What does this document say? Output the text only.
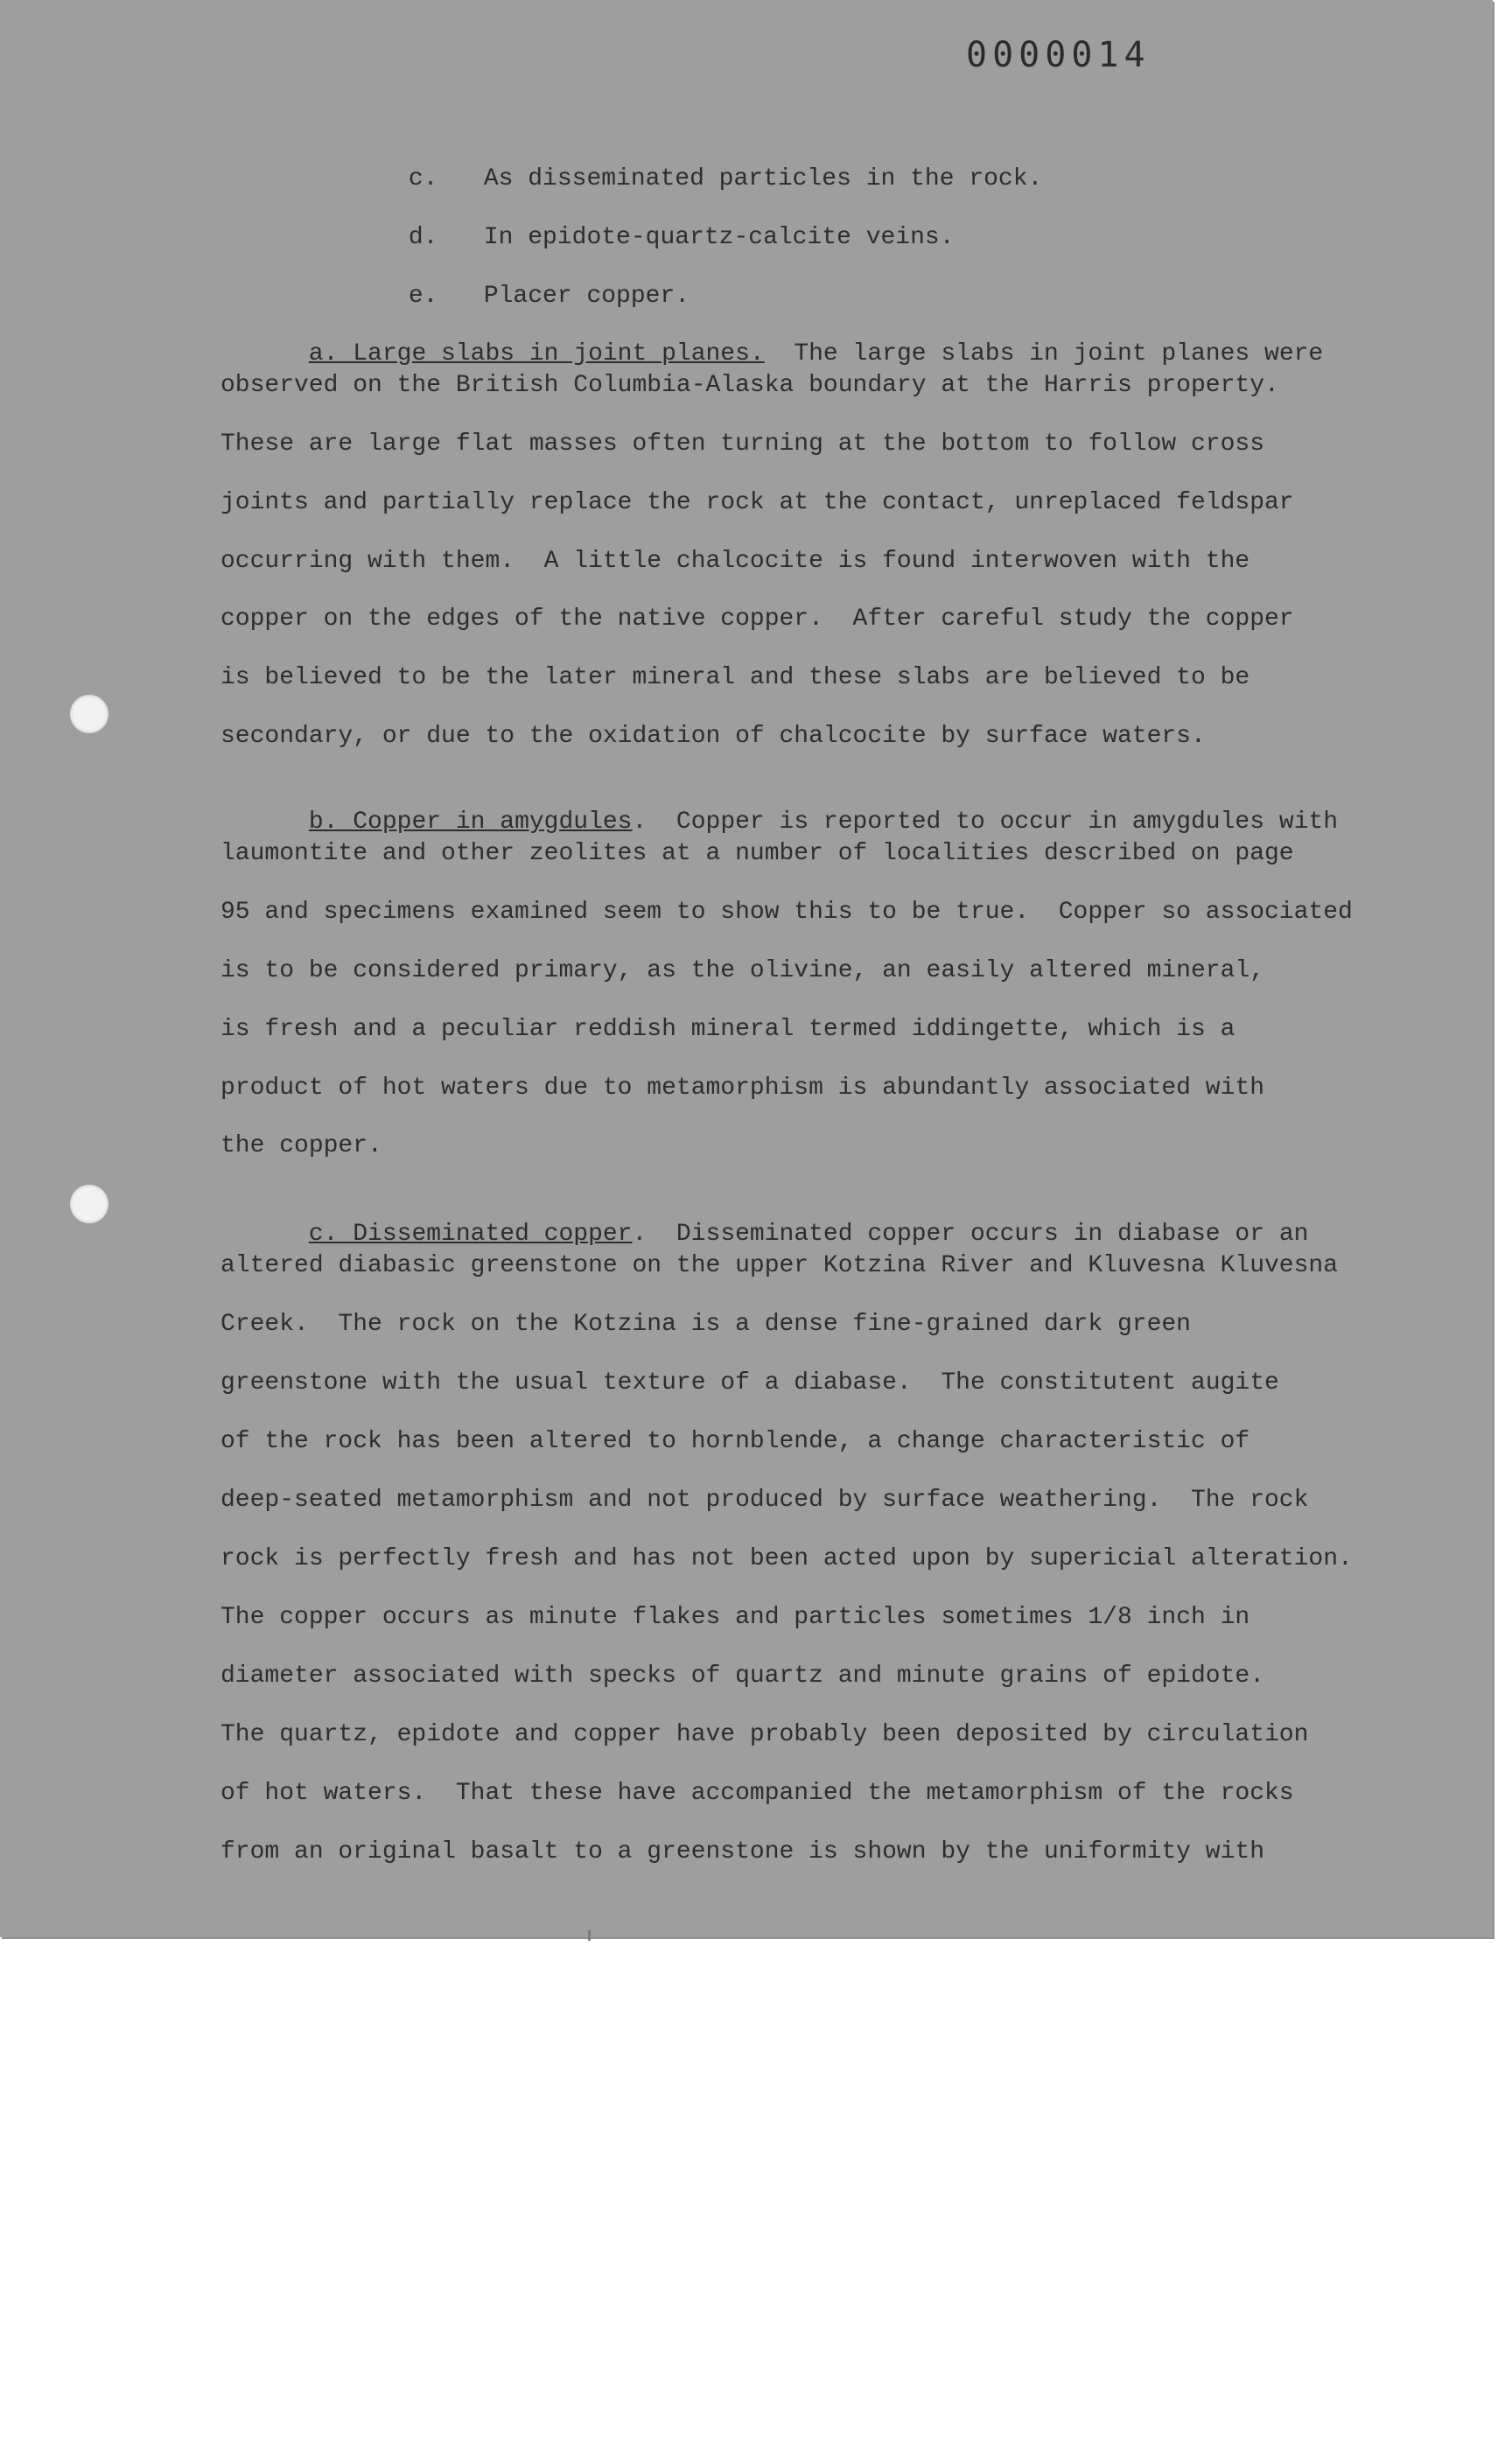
0000014

c. As disseminated particles in the rock.

d. In epidote-quartz-calcite veins.

e. Placer copper.

a. Large slabs in joint planes.  The large slabs in joint planes were

observed on the British Columbia-Alaska boundary at the Harris property.
These are large flat masses often turning at the bottom to follow cross
joints and partially replace the rock at the contact, unreplaced feldspar
occurring with them.  A little chalcocite is found interwoven with the
copper on the edges of the native copper.  After careful study the copper
is believed to be the later mineral and these slabs are believed to be
secondary, or due to the oxidation of chalcocite by surface waters.

b. Copper in amygdules.  Copper is reported to occur in amygdules with

laumontite and other zeolites at a number of localities described on page
95 and specimens examined seem to show this to be true.  Copper so associated
is to be considered primary, as the olivine, an easily altered mineral,
is fresh and a peculiar reddish mineral termed iddingette, which is a
product of hot waters due to metamorphism is abundantly associated with
the copper.

c. Disseminated copper.  Disseminated copper occurs in diabase or an

altered diabasic greenstone on the upper Kotzina River and Kluvesna Kluvesna
Creek.  The rock on the Kotzina is a dense fine-grained dark green
greenstone with the usual texture of a diabase.  The constitutent augite
of the rock has been altered to hornblende, a change characteristic of
deep-seated metamorphism and not produced by surface weathering.  The rock
rock is perfectly fresh and has not been acted upon by supericial alteration.
The copper occurs as minute flakes and particles sometimes 1/8 inch in
diameter associated with specks of quartz and minute grains of epidote.
The quartz, epidote and copper have probably been deposited by circulation
of hot waters.  That these have accompanied the metamorphism of the rocks
from an original basalt to a greenstone is shown by the uniformity with
